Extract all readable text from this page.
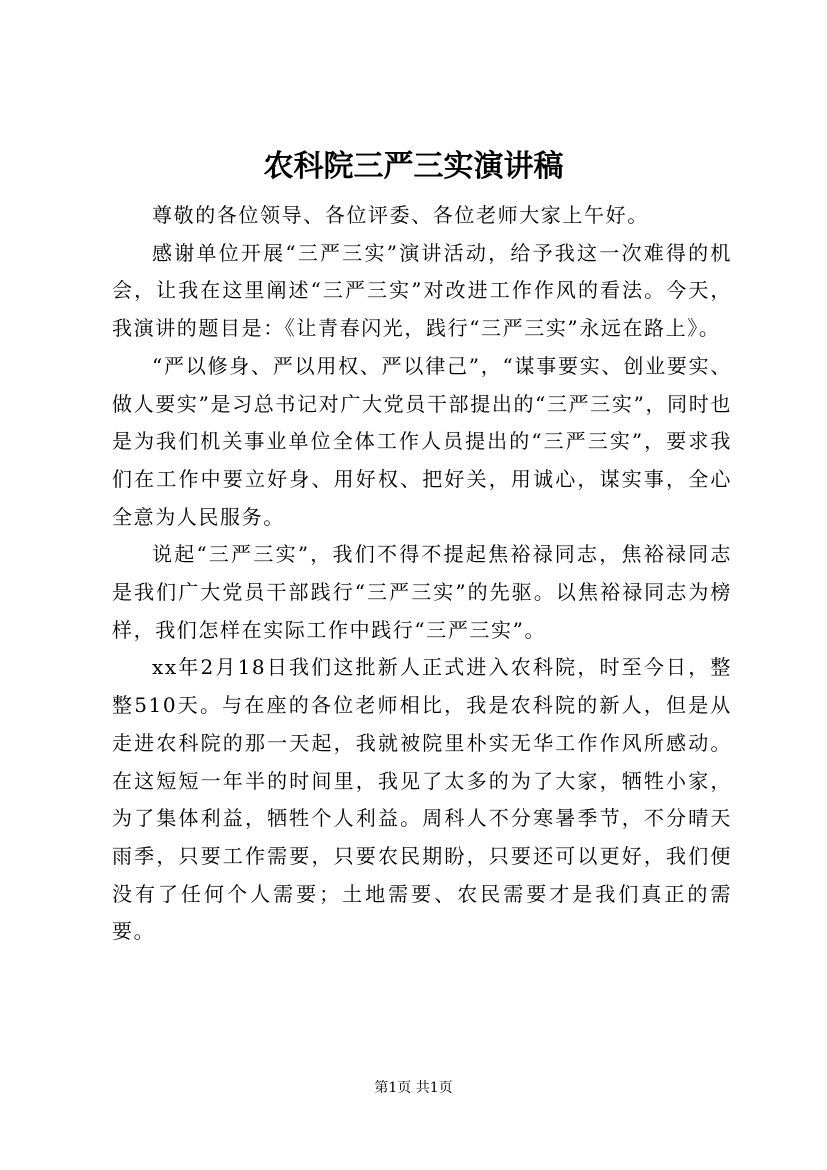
农科院三严三实演讲稿

尊敬的各位领导、各位评委、各位老师大家上午好。

感谢单位开展“三严三实”演讲活动，给予我这一次难得的机会，让我在这里阐述“三严三实”对改进工作作风的看法。今天，我演讲的题目是：《让青春闪光，践行“三严三实”永远在路上》。

“严以修身、严以用权、严以律己”，“谋事要实、创业要实、做人要实”是习总书记对广大党员干部提出的“三严三实”，同时也是为我们机关事业单位全体工作人员提出的“三严三实”，要求我们在工作中要立好身、用好权、把好关，用诚心，谋实事，全心全意为人民服务。

说起“三严三实”，我们不得不提起焦裕禄同志，焦裕禄同志是我们广大党员干部践行“三严三实”的先驱。以焦裕禄同志为榜样，我们怎样在实际工作中践行“三严三实”。

xx年2月18日我们这批新人正式进入农科院，时至今日，整整510天。与在座的各位老师相比，我是农科院的新人，但是从走进农科院的那一天起，我就被院里朴实无华工作作风所感动。在这短短一年半的时间里，我见了太多的为了大家，牺牲小家，为了集体利益，牺牲个人利益。周科人不分寒暑季节，不分晴天雨季，只要工作需要，只要农民期盼，只要还可以更好，我们便没有了任何个人需要；土地需要、农民需要才是我们真正的需要。

第1页 共1页
